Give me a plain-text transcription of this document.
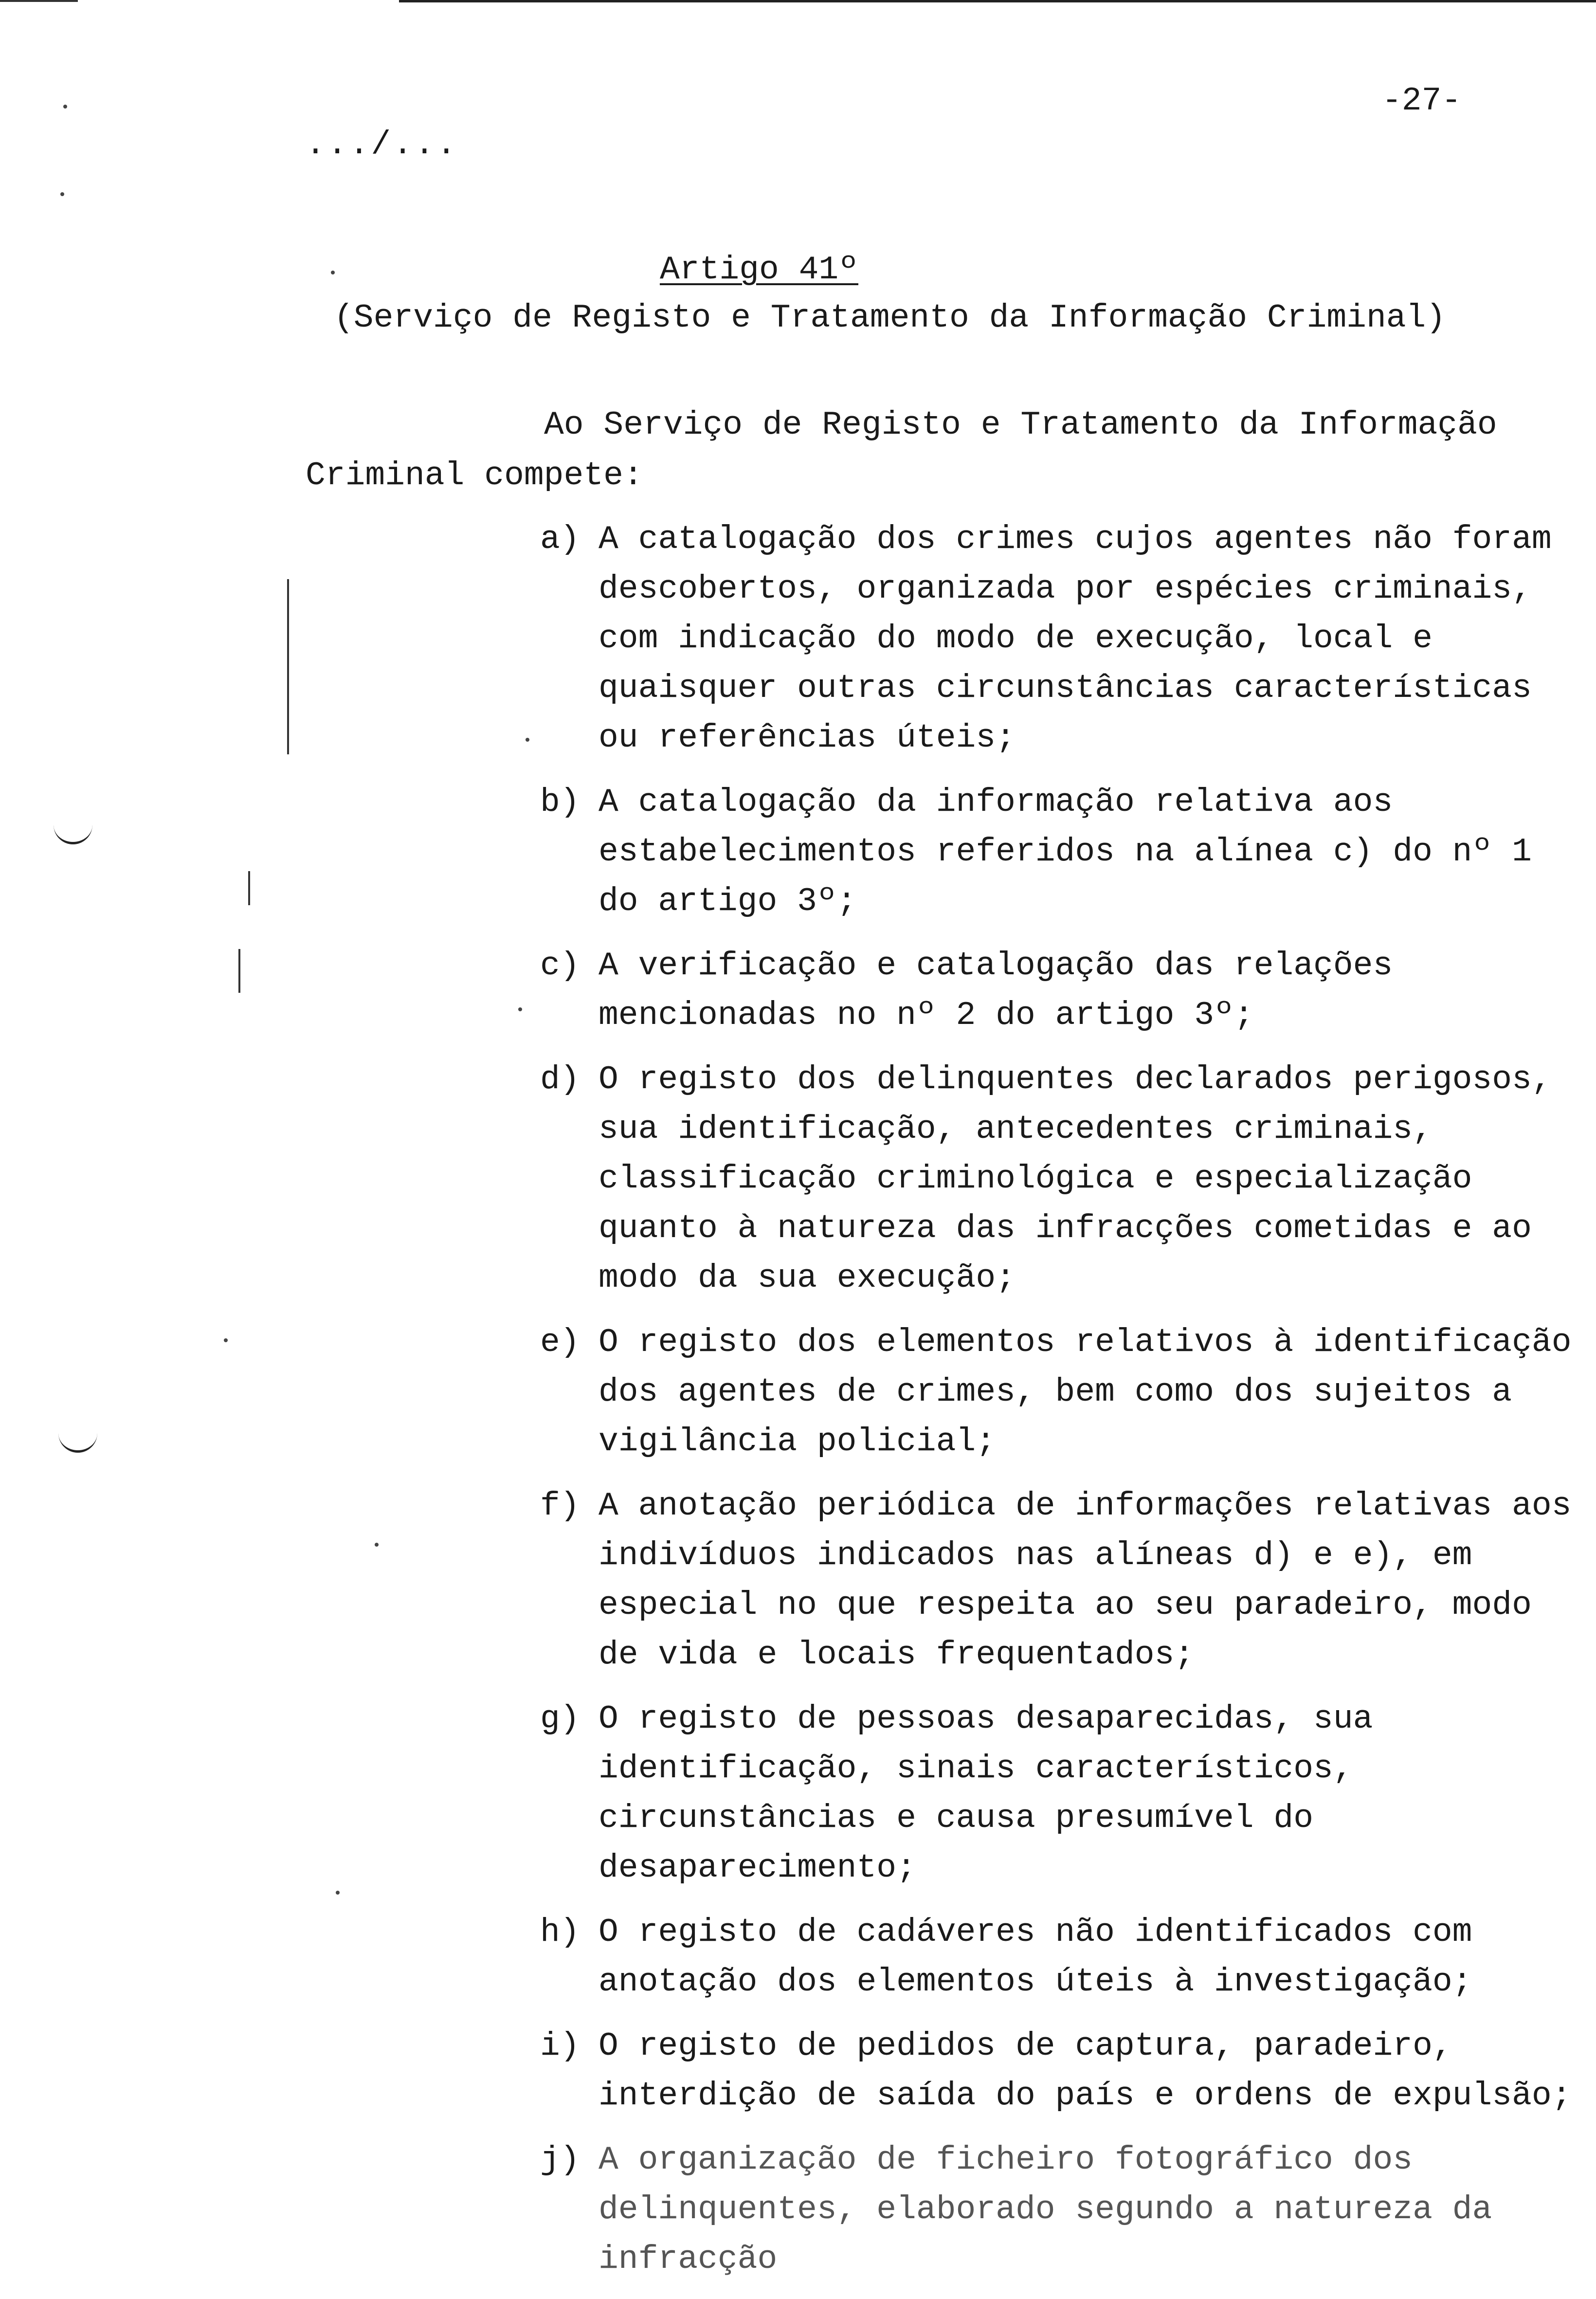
-27-
.../...
Artigo 41º
(Serviço de Registo e Tratamento da Informação Criminal)
Ao Serviço de Registo e Tratamento da Informação
Criminal compete:
a) A catalogação dos crimes cujos agentes não foram descobertos, organizada por espécies criminais, com indicação do modo de execução, local e quaisquer outras circunstâncias características ou referências úteis;
b) A catalogação da informação relativa aos estabelecimentos referidos na alínea c) do nº 1 do artigo 3º;
c) A verificação e catalogação das relações mencionadas no nº 2 do artigo 3º;
d) O registo dos delinquentes declarados perigosos, sua identificação, antecedentes criminais, classificação criminológica e especialização quanto à natureza das infracções cometidas e ao modo da sua execução;
e) O registo dos elementos relativos à identificação dos agentes de crimes, bem como dos sujeitos a vigilância policial;
f) A anotação periódica de informações relativas aos indivíduos indicados nas alíneas d) e e), em especial no que respeita ao seu paradeiro, modo de vida e locais frequentados;
g) O registo de pessoas desaparecidas, sua identificação, sinais característicos, circunstâncias e causa presumível do desaparecimento;
h) O registo de cadáveres não identificados com anotação dos elementos úteis à investigação;
i) O registo de pedidos de captura, paradeiro, interdição de saída do país e ordens de expulsão;
j) A organização de ficheiro fotográfico dos delinquentes, elaborado segundo a natureza da infracção
